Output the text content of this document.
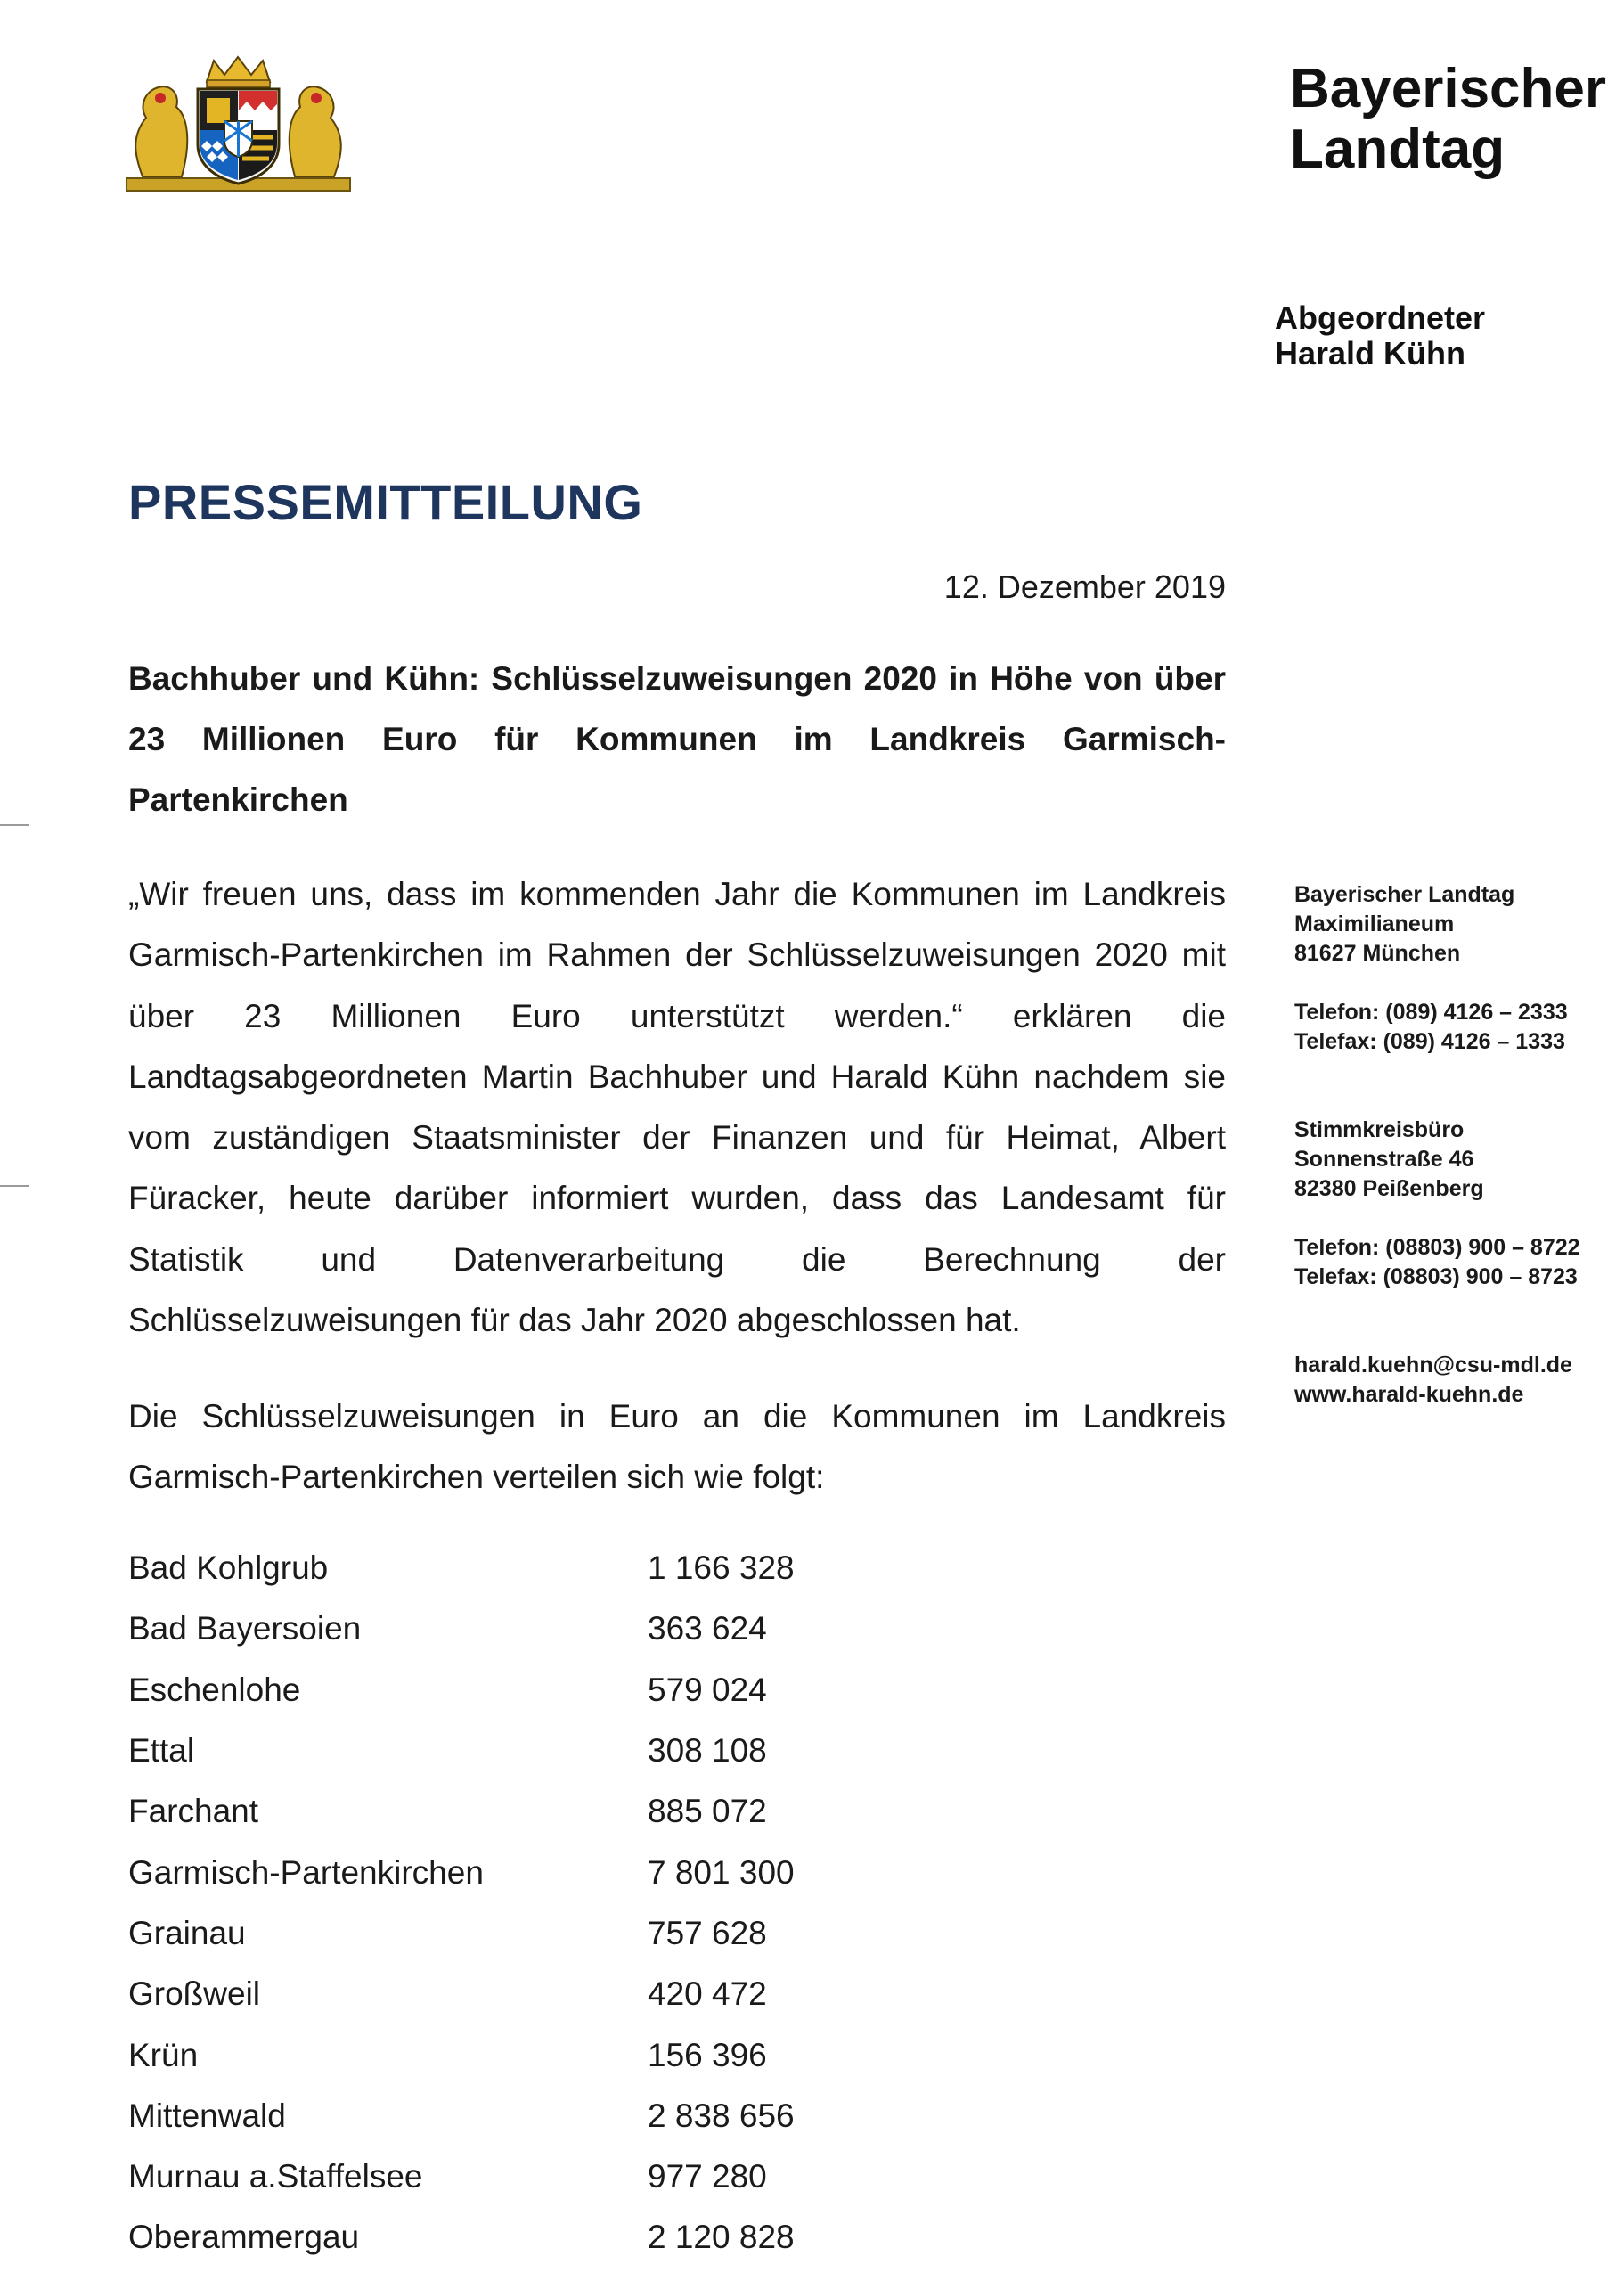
Bayerischer
Landtag
Abgeordneter
Harald Kühn
PRESSEMITTEILUNG
12. Dezember 2019
Bachhuber und Kühn: Schlüsselzuweisungen 2020 in Höhe von über 23 Millionen Euro für Kommunen im Landkreis Garmisch-Partenkirchen
„Wir freuen uns, dass im kommenden Jahr die Kommunen im Landkreis Garmisch-Partenkirchen im Rahmen der Schlüsselzuweisungen 2020 mit über 23 Millionen Euro unterstützt werden.“ erklären die Landtagsabgeordneten Martin Bachhuber und Harald Kühn nachdem sie vom zuständigen Staatsminister der Finanzen und für Heimat, Albert Füracker, heute darüber informiert wurden, dass das Landesamt für Statistik und Datenverarbeitung die Berechnung der Schlüsselzuweisungen für das Jahr 2020 abgeschlossen hat.
Die Schlüsselzuweisungen in Euro an die Kommunen im Landkreis Garmisch-Partenkirchen verteilen sich wie folgt:
Bayerischer Landtag
Maximilianeum
81627 München
Telefon: (089) 4126 – 2333
Telefax: (089) 4126 – 1333
Stimmkreisbüro
Sonnenstraße 46
82380 Peißenberg
Telefon: (08803) 900 – 8722
Telefax: (08803) 900 – 8723
harald.kuehn@csu-mdl.de
www.harald-kuehn.de
Bad Kohlgrub	1 166 328
Bad Bayersoien	363 624
Eschenlohe	579 024
Ettal	308 108
Farchant	885 072
Garmisch-Partenkirchen	7 801 300
Grainau	757 628
Großweil	420 472
Krün	156 396
Mittenwald	2 838 656
Murnau a.Staffelsee	977 280
Oberammergau	2 120 828
